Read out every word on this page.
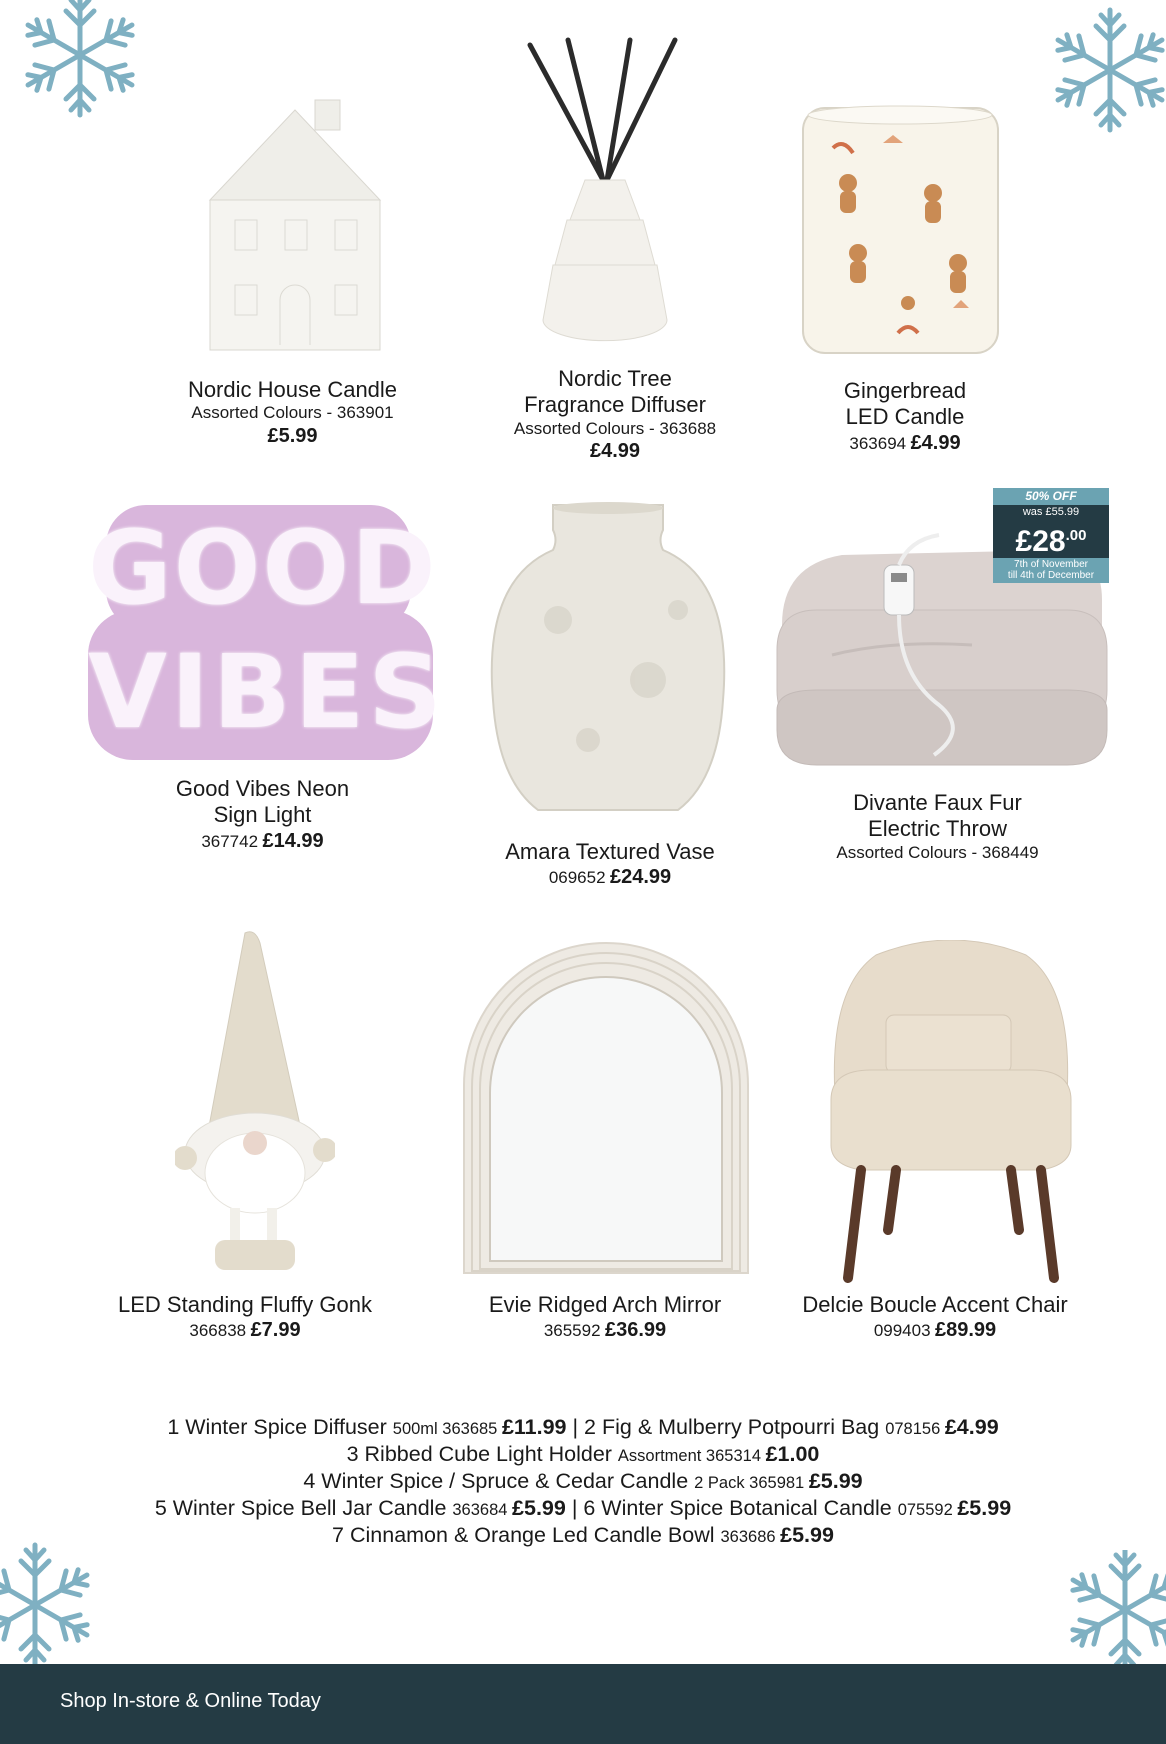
Nordic House Candle
Assorted Colours - 363901
£5.99
Nordic Tree
Fragrance Diffuser
Assorted Colours - 363688
£4.99
Gingerbread
LED Candle
363694 £4.99
GOOD
VIBES
Good Vibes Neon
Sign Light
367742 £14.99	Amara Textured Vase
069652 £24.99
50% OFF
was £55.99
$£28^{.00}$
7th of November
till 4th of December
Divante Faux Fur
Electric Throw
Assorted Colours - 368449
LED Standing Fluffy Gonk
366838 £7.99
Evie Ridged Arch Mirror
365592 £36.99
Delcie Boucle Accent Chair
099403 £89.99
1 Winter Spice Diffuser 500ml 363685 £11.99 | 2 Fig & Mulberry Potpourri Bag 078156 £4.99
3 Ribbed Cube Light Holder Assortment 365314 £1.00
4 Winter Spice / Spruce & Cedar Candle 2 Pack 365981 £5.99
5 Winter Spice Bell Jar Candle 363684 £5.99 | 6 Winter Spice Botanical Candle 075592 £5.99
7 Cinnamon & Orange Led Candle Bowl 363686 £5.99
Shop In-store & Online Today
